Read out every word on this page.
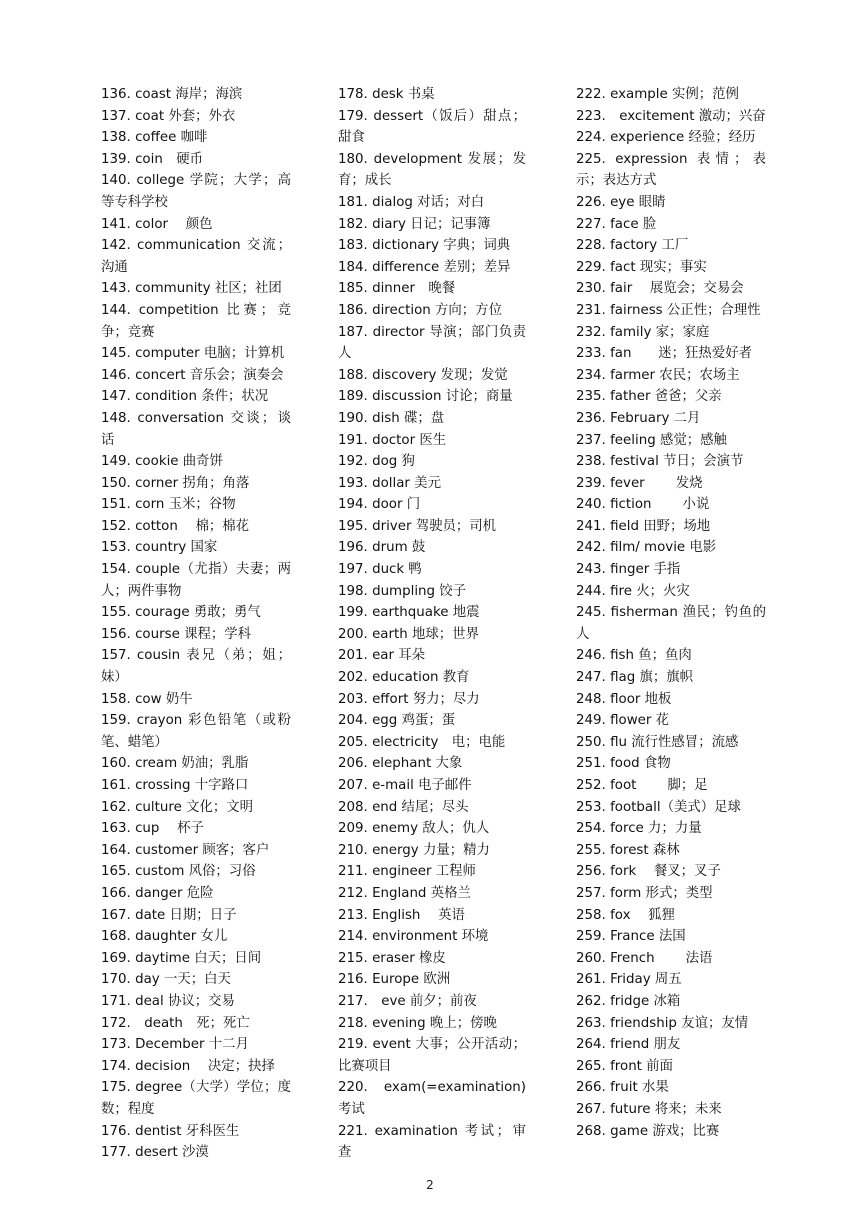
136. coast 海岸；海滨

137. coat 外套；外衣

138. coffee 咖啡

139. coin　硬币

140. college 学院；大学；高等专科学校

141. color　 颜色

142. communication 交流；沟通

143. community 社区；社团

144. competition 比赛；竞争；竞赛

145. computer 电脑；计算机

146. concert 音乐会；演奏会

147. condition 条件；状况

148. conversation 交谈；谈话

149. cookie 曲奇饼

150. corner 拐角；角落

151. corn 玉米；谷物

152. cotton　 棉；棉花

153. country 国家

154. couple（尤指）夫妻；两人；两件事物

155. courage 勇敢；勇气

156. course 课程；学科

157. cousin 表兄（弟；姐；妹）

158. cow 奶牛

159. crayon 彩色铅笔（或粉笔、蜡笔）

160. cream 奶油；乳脂

161. crossing 十字路口

162. culture 文化；文明

163. cup　 杯子

164. customer 顾客；客户

165. custom 风俗；习俗

166. danger 危险

167. date 日期；日子

168. daughter 女儿

169. daytime 白天；日间

170. day 一天；白天

171. deal 协议；交易

172.　death　死；死亡

173. December 十二月

174. decision　 决定；抉择

175. degree（大学）学位；度数；程度

176. dentist 牙科医生

177. desert 沙漠

178. desk 书桌

179. dessert（饭后）甜点；甜食

180. development 发展；发育；成长

181. dialog 对话；对白

182. diary 日记；记事簿

183. dictionary 字典；词典

184. difference 差别；差异

185. dinner　晚餐

186. direction 方向；方位

187. director 导演；部门负责人

188. discovery 发现；发觉

189. discussion 讨论；商量

190. dish 碟；盘

191. doctor 医生

192. dog 狗

193. dollar 美元

194. door 门

195. driver 驾驶员；司机

196. drum 鼓

197. duck 鸭

198. dumpling 饺子

199. earthquake 地震

200. earth 地球；世界

201. ear 耳朵

202. education 教育

203. effort 努力；尽力

204. egg 鸡蛋；蛋

205. electricity　电；电能

206. elephant 大象

207. e-mail 电子邮件

208. end 结尾；尽头

209. enemy 敌人；仇人

210. energy 力量；精力

211. engineer 工程师

212. England 英格兰

213. English　 英语

214. environment 环境

215. eraser 橡皮

216. Europe 欧洲

217.　eve 前夕；前夜

218. evening 晚上；傍晚

219. event 大事；公开活动；比赛项目

220. exam(=examination)考试

221. examination 考试；审查

222. example 实例；范例

223.　excitement 激动；兴奋

224. experience 经验；经历

225. expression 表情；表示；表达方式

226. eye 眼睛

227. face 脸

228. factory 工厂

229. fact 现实；事实

230. fair　 展览会；交易会

231. fairness 公正性；合理性

232. family 家；家庭

233. fan　　迷；狂热爱好者

234. farmer 农民；农场主

235. father 爸爸；父亲

236. February 二月

237. feeling 感觉；感触

238. festival 节日；会演节

239. fever　　 发烧

240. fiction　　 小说

241. field 田野；场地

242. film/ movie 电影

243. finger 手指

244. fire 火；火灾

245. fisherman 渔民；钓鱼的人

246. fish 鱼；鱼肉

247. flag 旗；旗帜

248. floor 地板

249. flower 花

250. flu 流行性感冒；流感

251. food 食物

252. foot　　 脚；足

253. football（美式）足球

254. force 力；力量

255. forest 森林

256. fork　 餐叉；叉子

257. form 形式；类型

258. fox　 狐狸

259. France 法国

260. French　　 法语

261. Friday 周五

262. fridge 冰箱

263. friendship 友谊；友情

264. friend 朋友

265. front 前面

266. fruit 水果

267. future 将来；未来

268. game 游戏；比赛

2
